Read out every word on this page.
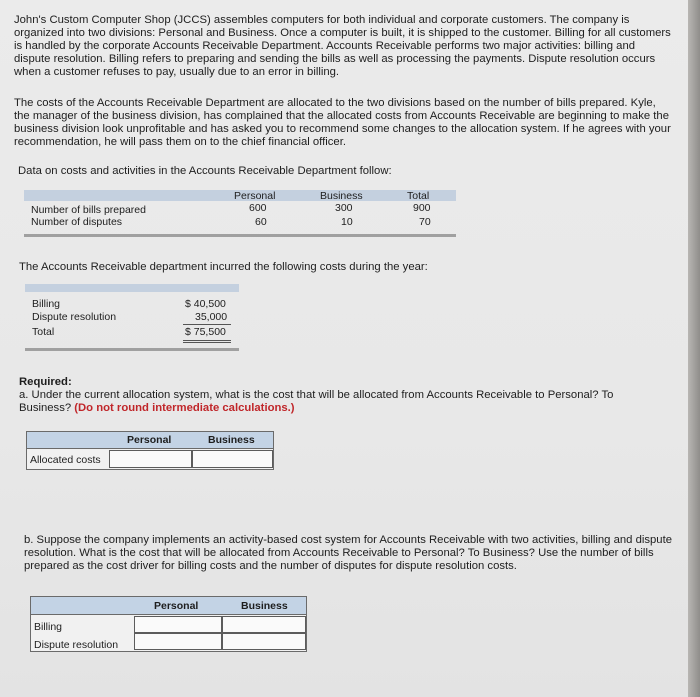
John's Custom Computer Shop (JCCS) assembles computers for both individual and corporate customers. The company is organized into two divisions: Personal and Business. Once a computer is built, it is shipped to the customer. Billing for all customers is handled by the corporate Accounts Receivable Department. Accounts Receivable performs two major activities: billing and dispute resolution. Billing refers to preparing and sending the bills as well as processing the payments. Dispute resolution occurs when a customer refuses to pay, usually due to an error in billing.

The costs of the Accounts Receivable Department are allocated to the two divisions based on the number of bills prepared. Kyle, the manager of the business division, has complained that the allocated costs from Accounts Receivable are beginning to make the business division look unprofitable and has asked you to recommend some changes to the allocation system. If he agrees with your recommendation, he will pass them on to the chief financial officer.

Data on costs and activities in the Accounts Receivable Department follow:

Personal	Business	Total
Number of bills prepared	600	300	900
Number of disputes	60	10	70

The Accounts Receivable department incurred the following costs during the year:

Billing	$ 40,500
Dispute resolution	35,000
Total	$ 75,500
Required:

a. Under the current allocation system, what is the cost that will be allocated from Accounts Receivable to Personal? To Business? (Do not round intermediate calculations.)

Personal	Business
Allocated costs

b. Suppose the company implements an activity-based cost system for Accounts Receivable with two activities, billing and dispute resolution. What is the cost that will be allocated from Accounts Receivable to Personal? To Business? Use the number of bills prepared as the cost driver for billing costs and the number of disputes for dispute resolution costs.

Personal	Business
Billing
Dispute resolution
